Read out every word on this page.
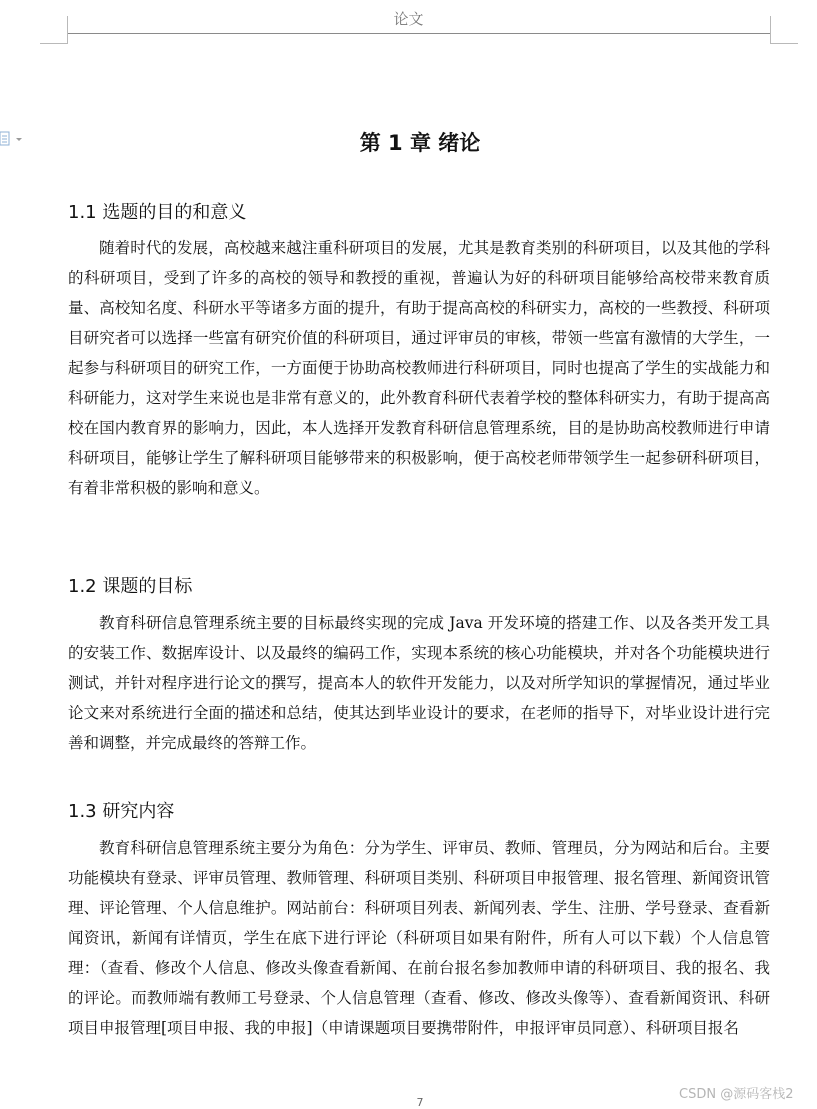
论文
第 1 章 绪论
1.1 选题的目的和意义

随着时代的发展，高校越来越注重科研项目的发展，尤其是教育类别的科研项目，以及其他的学科的科研项目，受到了许多的高校的领导和教授的重视，普遍认为好的科研项目能够给高校带来教育质量、高校知名度、科研水平等诸多方面的提升，有助于提高高校的科研实力，高校的一些教授、科研项目研究者可以选择一些富有研究价值的科研项目，通过评审员的审核，带领一些富有激情的大学生，一起参与科研项目的研究工作，一方面便于协助高校教师进行科研项目，同时也提高了学生的实战能力和科研能力，这对学生来说也是非常有意义的，此外教育科研代表着学校的整体科研实力，有助于提高高校在国内教育界的影响力，因此，本人选择开发教育科研信息管理系统，目的是协助高校教师进行申请科研项目，能够让学生了解科研项目能够带来的积极影响，便于高校老师带领学生一起参研科研项目，有着非常积极的影响和意义。

1.2 课题的目标

教育科研信息管理系统主要的目标最终实现的完成 Java 开发环境的搭建工作、以及各类开发工具的安装工作、数据库设计、以及最终的编码工作，实现本系统的核心功能模块，并对各个功能模块进行测试，并针对程序进行论文的撰写，提高本人的软件开发能力，以及对所学知识的掌握情况，通过毕业论文来对系统进行全面的描述和总结，使其达到毕业设计的要求，在老师的指导下，对毕业设计进行完善和调整，并完成最终的答辩工作。

1.3 研究内容

教育科研信息管理系统主要分为角色：分为学生、评审员、教师、管理员，分为网站和后台。主要功能模块有登录、评审员管理、教师管理、科研项目类别、科研项目申报管理、报名管理、新闻资讯管理、评论管理、个人信息维护。网站前台：科研项目列表、新闻列表、学生、注册、学号登录、查看新闻资讯，新闻有详情页，学生在底下进行评论（科研项目如果有附件，所有人可以下载）个人信息管理：（查看、修改个人信息、修改头像查看新闻、在前台报名参加教师申请的科研项目、我的报名、我的评论。而教师端有教师工号登录、个人信息管理（查看、修改、修改头像等）、查看新闻资讯、科研项目申报管理[项目申报、我的申报]（申请课题项目要携带附件，申报评审员同意）、科研项目报名

CSDN @源码客栈2
7
